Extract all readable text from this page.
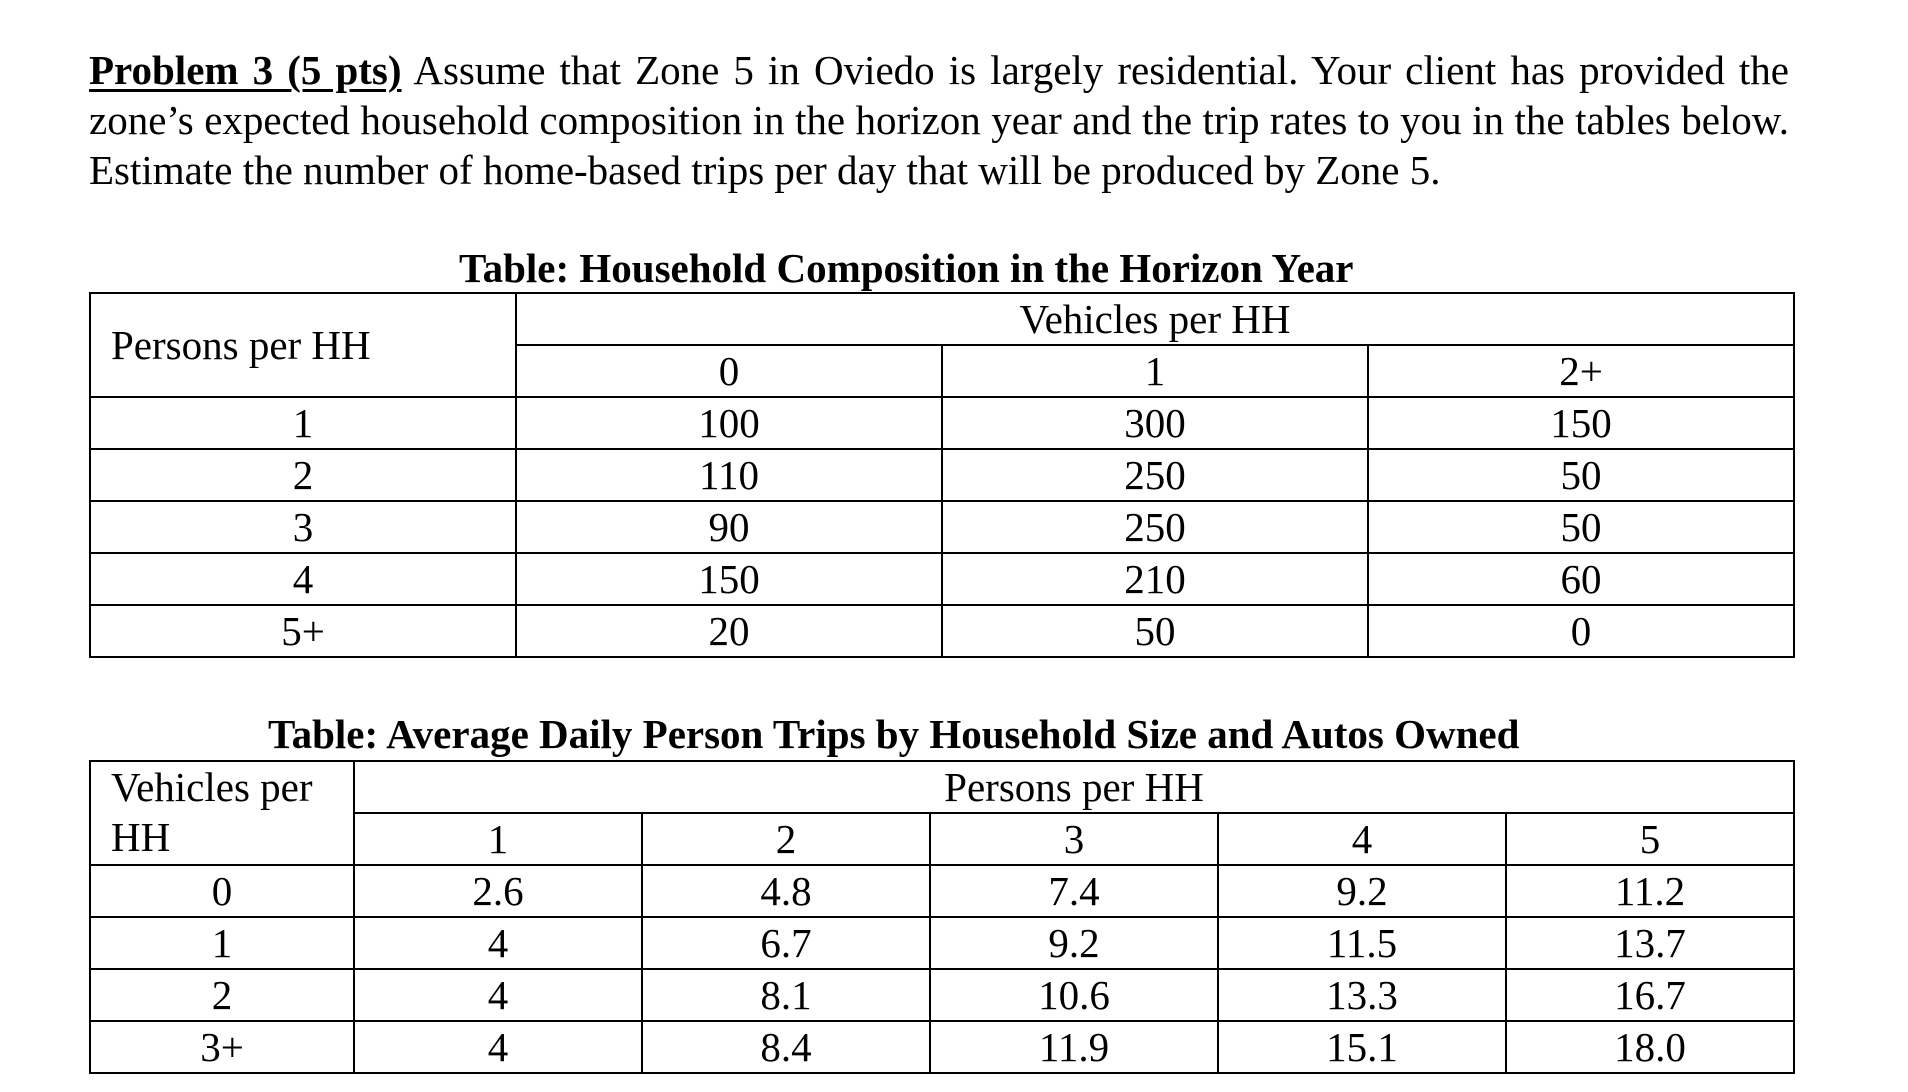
Problem 3 (5 pts) Assume that Zone 5 in Oviedo is largely residential. Your client has provided the zone’s expected household composition in the horizon year and the trip rates to you in the tables below. Estimate the number of home-based trips per day that will be produced by Zone 5.
Table: Household Composition in the Horizon Year
Persons per HH	Vehicles per HH		
	0	1	2+
1	100	300	150
2	110	250	50
3	90	250	50
4	150	210	60
5+	20	50	0
Table: Average Daily Person Trips by Household Size and Autos Owned
Vehicles per
HH	Persons per HH				
	1	2	3	4	5
0	2.6	4.8	7.4	9.2	11.2
1	4	6.7	9.2	11.5	13.7
2	4	8.1	10.6	13.3	16.7
3+	4	8.4	11.9	15.1	18.0
